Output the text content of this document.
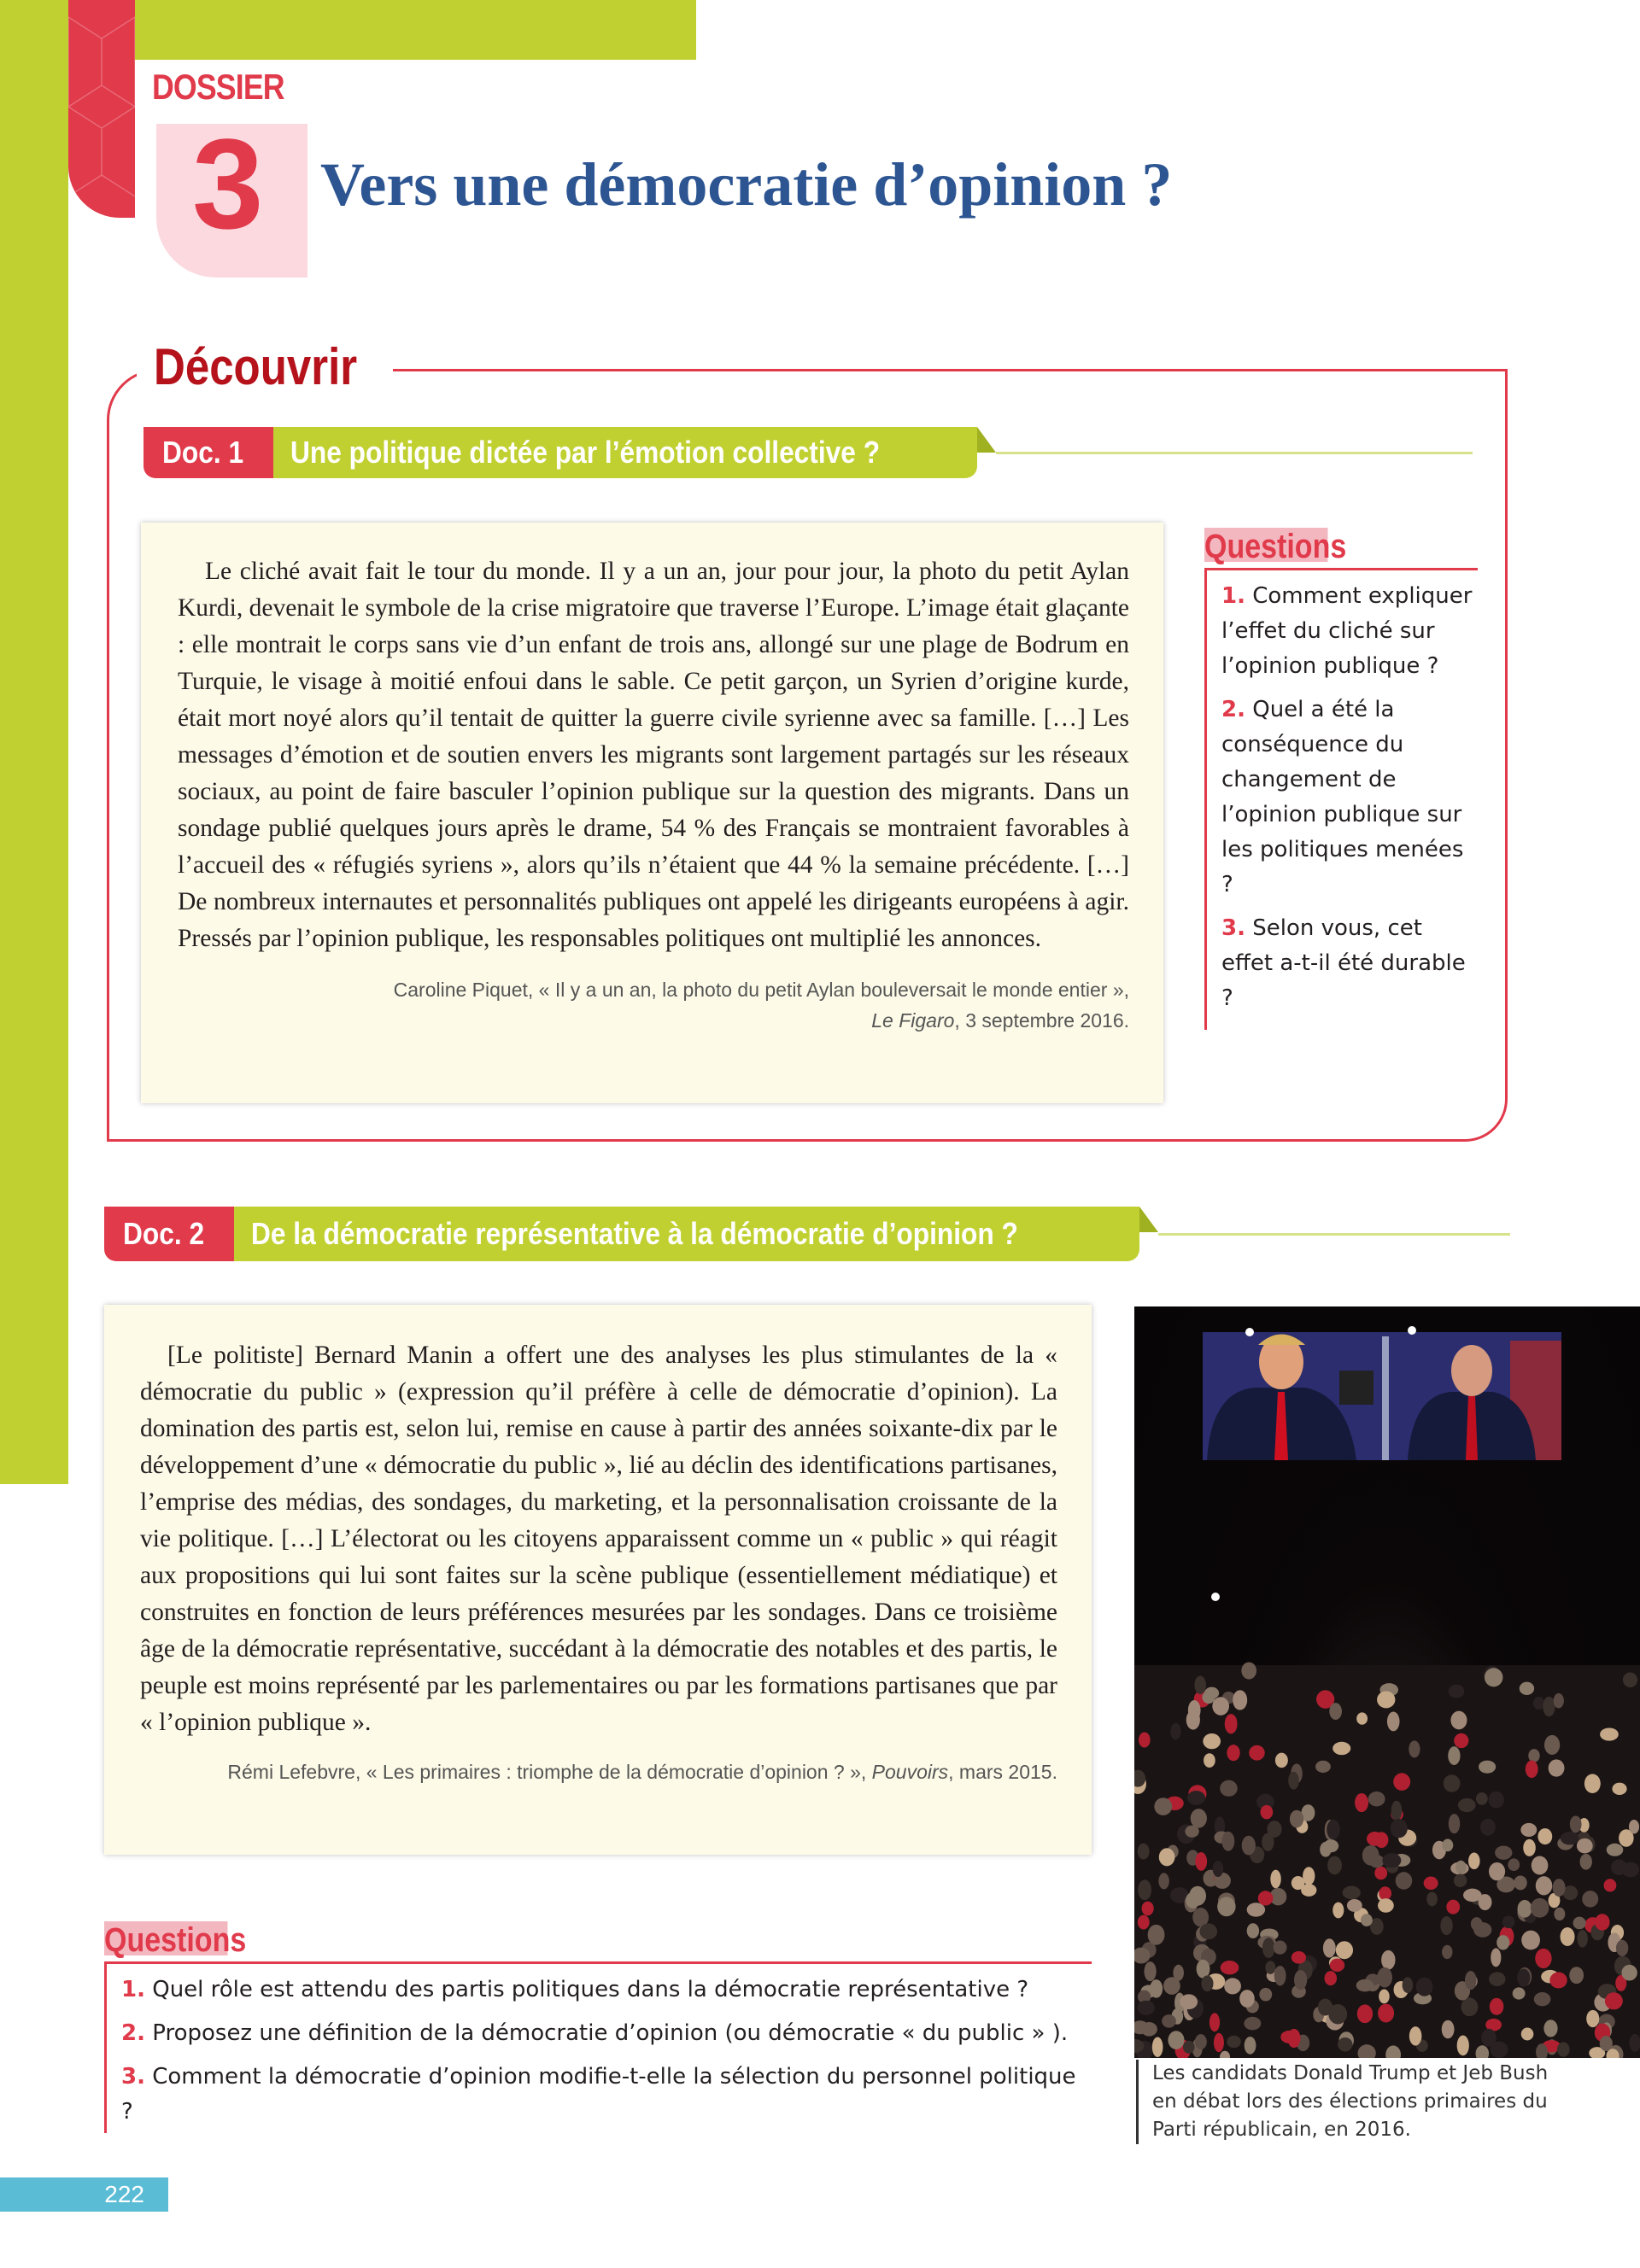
DOSSIER
3 Vers une démocratie d’opinion ?
Découvrir
Doc. 1 Une politique dictée par l’émotion collective ?

Le cliché avait fait le tour du monde. Il y a un an, jour pour jour, la photo du petit Aylan Kurdi, devenait le symbole de la crise migratoire que traverse l’Europe. L’image était glaçante : elle montrait le corps sans vie d’un enfant de trois ans, allongé sur une plage de Bodrum en Turquie, le visage à moitié enfoui dans le sable. Ce petit garçon, un Syrien d’origine kurde, était mort noyé alors qu’il tentait de quitter la guerre civile syrienne avec sa famille. […] Les messages d’émotion et de soutien envers les migrants sont largement partagés sur les réseaux sociaux, au point de faire basculer l’opinion publique sur la question des migrants. Dans un sondage publié quelques jours après le drame, 54 % des Français se montraient favorables à l’accueil des « réfugiés syriens », alors qu’ils n’étaient que 44 % la semaine précédente. […] De nombreux internautes et personnalités publiques ont appelé les dirigeants européens à agir. Pressés par l’opinion publique, les responsables politiques ont multiplié les annonces.

Caroline Piquet, « Il y a un an, la photo du petit Aylan bouleversait le monde entier »,
Le Figaro, 3 septembre 2016.
Questions
1. Comment expliquer l’effet du cliché sur l’opinion publique ?
2. Quel a été la conséquence du changement de l’opinion publique sur les politiques menées ?
3. Selon vous, cet effet a-t-il été durable ?
Doc. 2 De la démocratie représentative à la démocratie d’opinion ?

[Le politiste] Bernard Manin a offert une des analyses les plus stimulantes de la « démocratie du public » (expression qu’il préfère à celle de démocratie d’opinion). La domination des partis est, selon lui, remise en cause à partir des années soixante-dix par le développement d’une « démocratie du public », lié au déclin des identifications partisanes, l’emprise des médias, des sondages, du marketing, et la personnalisation croissante de la vie politique. […] L’électorat ou les citoyens apparaissent comme un « public » qui réagit aux propositions qui lui sont faites sur la scène publique (essentiellement médiatique) et construites en fonction de leurs préférences mesurées par les sondages. Dans ce troisième âge de la démocratie représentative, succédant à la démocratie des notables et des partis, le peuple est moins représenté par les parlementaires ou par les formations partisanes que par « l’opinion publique ».

Rémi Lefebvre, « Les primaires : triomphe de la démocratie d’opinion ? », Pouvoirs, mars 2015.
Les candidats Donald Trump et Jeb Bush en débat lors des élections primaires du Parti républicain, en 2016.
Questions
1. Quel rôle est attendu des partis politiques dans la démocratie représentative ?
2. Proposez une définition de la démocratie d’opinion (ou démocratie « du public » ).
3. Comment la démocratie d’opinion modifie-t-elle la sélection du personnel politique ?
222
